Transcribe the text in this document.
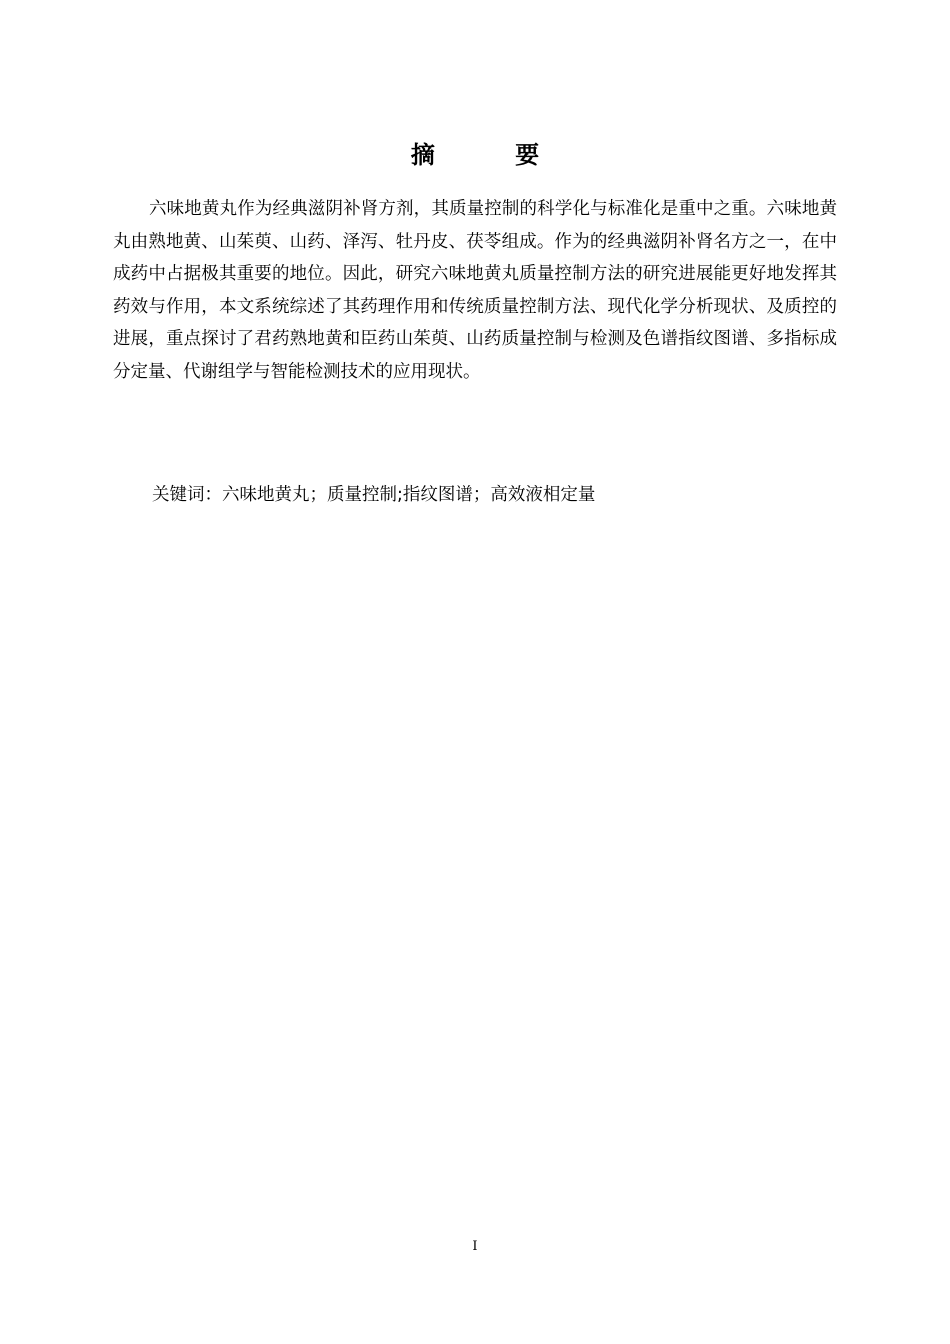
摘 要

六味地黄丸作为经典滋阴补肾方剂，其质量控制的科学化与标准化是重中之重。六味地黄丸由熟地黄、山茱萸、山药、泽泻、牡丹皮、茯苓组成。作为的经典滋阴补肾名方之一，在中成药中占据极其重要的地位。因此，研究六味地黄丸质量控制方法的研究进展能更好地发挥其药效与作用，本文系统综述了其药理作用和传统质量控制方法、现代化学分析现状、及质控的进展，重点探讨了君药熟地黄和臣药山茱萸、山药质量控制与检测及色谱指纹图谱、多指标成分定量、代谢组学与智能检测技术的应用现状。

关键词：六味地黄丸；质量控制;指纹图谱；高效液相定量
I
